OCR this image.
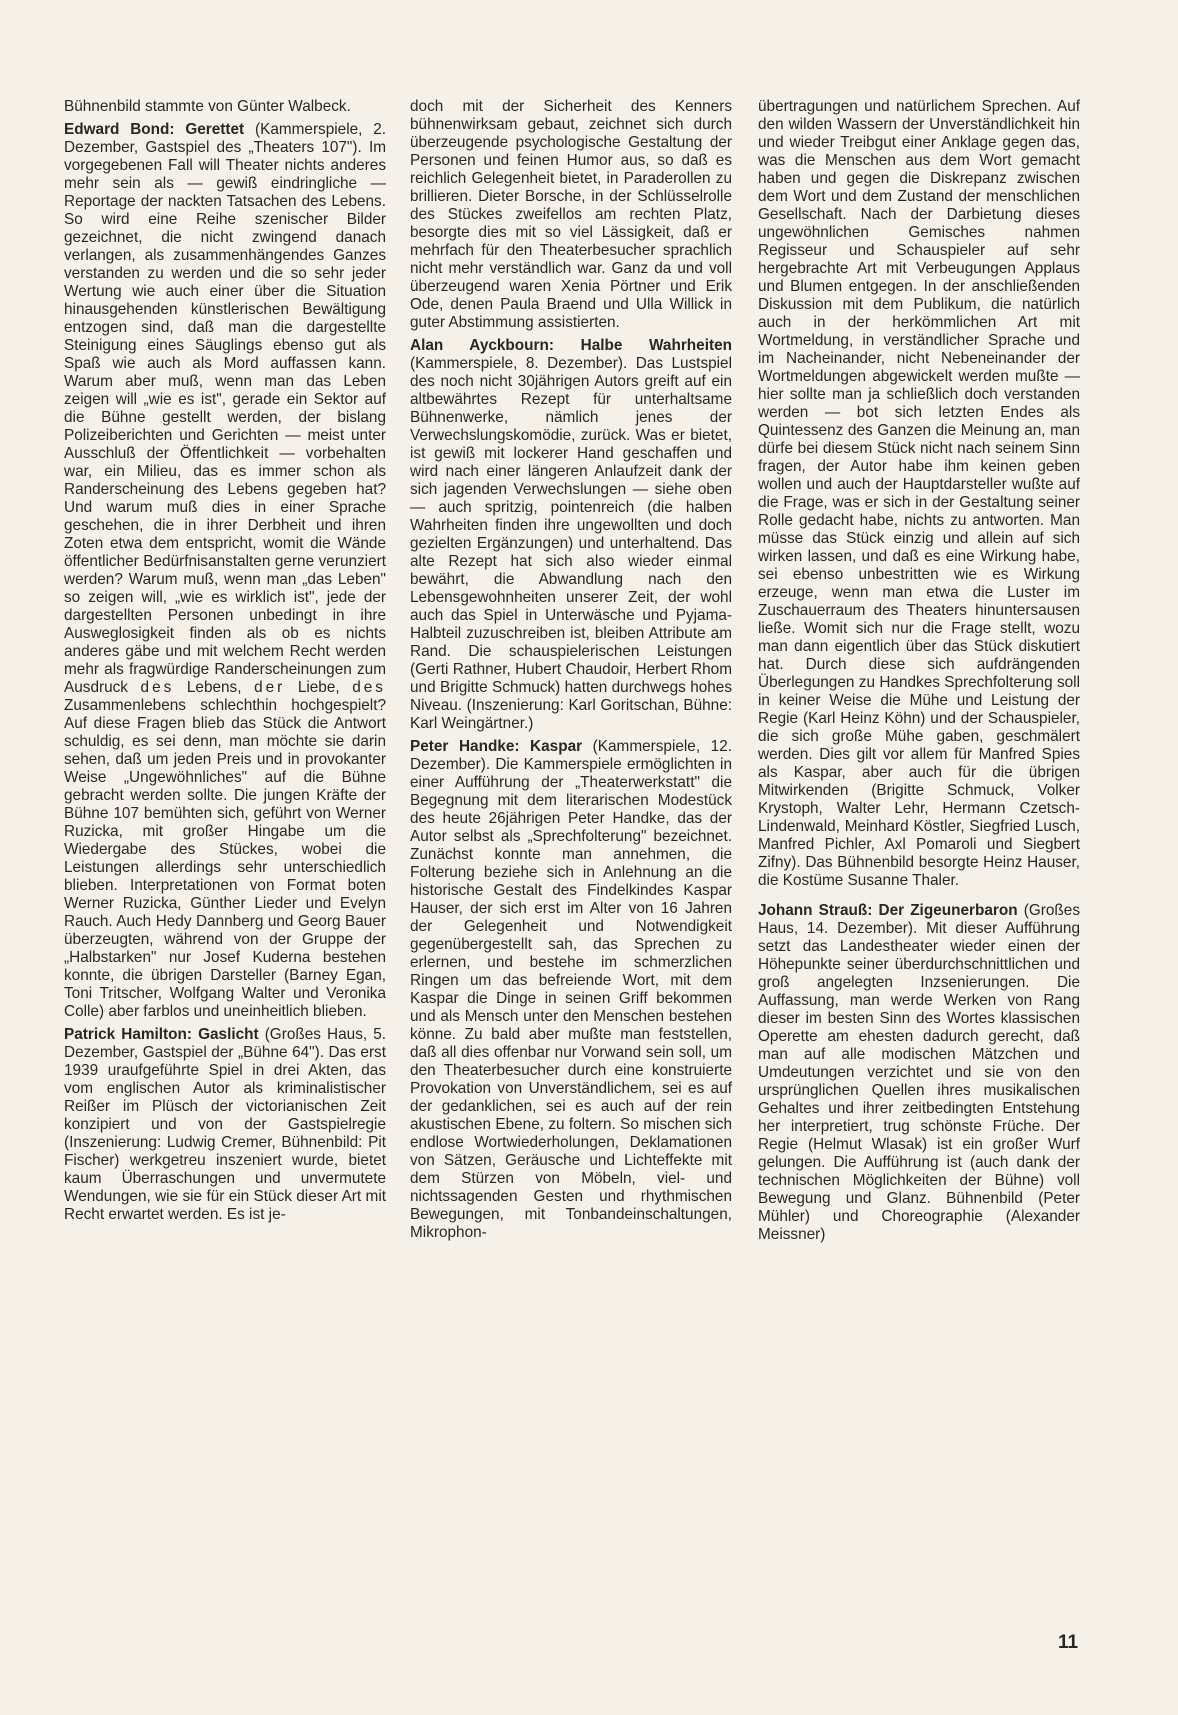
Bühnenbild stammte von Günter Walbeck.

Edward Bond: Gerettet (Kammerspiele, 2. Dezember, Gastspiel des „Theaters 107"). Im vorgegebenen Fall will Theater nichts anderes mehr sein als — gewiß eindringliche — Reportage der nackten Tatsachen des Lebens. So wird eine Reihe szenischer Bilder gezeichnet, die nicht zwingend danach verlangen, als zusammenhängendes Ganzes verstanden zu werden und die so sehr jeder Wertung wie auch einer über die Situation hinausgehenden künstlerischen Bewältigung entzogen sind, daß man die dargestellte Steinigung eines Säuglings ebenso gut als Spaß wie auch als Mord auffassen kann. Warum aber muß, wenn man das Leben zeigen will „wie es ist", gerade ein Sektor auf die Bühne gestellt werden, der bislang Polizeiberichten und Gerichten — meist unter Ausschluß der Öffentlichkeit — vorbehalten war, ein Milieu, das es immer schon als Randerscheinung des Lebens gegeben hat? Und warum muß dies in einer Sprache geschehen, die in ihrer Derbheit und ihren Zoten etwa dem entspricht, womit die Wände öffentlicher Bedürfnisanstalten gerne verunziert werden? Warum muß, wenn man „das Leben" so zeigen will, „wie es wirklich ist", jede der dargestellten Personen unbedingt in ihre Ausweglosigkeit finden als ob es nichts anderes gäbe und mit welchem Recht werden mehr als fragwürdige Randerscheinungen zum Ausdruck des Lebens, der Liebe, des Zusammenlebens schlechthin hochgespielt? Auf diese Fragen blieb das Stück die Antwort schuldig, es sei denn, man möchte sie darin sehen, daß um jeden Preis und in provokanter Weise „Ungewöhnliches" auf die Bühne gebracht werden sollte. Die jungen Kräfte der Bühne 107 bemühten sich, geführt von Werner Ruzicka, mit großer Hingabe um die Wiedergabe des Stückes, wobei die Leistungen allerdings sehr unterschiedlich blieben. Interpretationen von Format boten Werner Ruzicka, Günther Lieder und Evelyn Rauch. Auch Hedy Dannberg und Georg Bauer überzeugten, während von der Gruppe der „Halbstarken" nur Josef Kuderna bestehen konnte, die übrigen Darsteller (Barney Egan, Toni Tritscher, Wolfgang Walter und Veronika Colle) aber farblos und uneinheitlich blieben.

Patrick Hamilton: Gaslicht (Großes Haus, 5. Dezember, Gastspiel der „Bühne 64"). Das erst 1939 uraufgeführte Spiel in drei Akten, das vom englischen Autor als kriminalistischer Reißer im Plüsch der victorianischen Zeit konzipiert und von der Gastspielregie (Inszenierung: Ludwig Cremer, Bühnenbild: Pit Fischer) werkgetreu inszeniert wurde, bietet kaum Überraschungen und unvermutete Wendungen, wie sie für ein Stück dieser Art mit Recht erwartet werden. Es ist je-

doch mit der Sicherheit des Kenners bühnenwirksam gebaut, zeichnet sich durch überzeugende psychologische Gestaltung der Personen und feinen Humor aus, so daß es reichlich Gelegenheit bietet, in Paraderollen zu brillieren. Dieter Borsche, in der Schlüsselrolle des Stückes zweifellos am rechten Platz, besorgte dies mit so viel Lässigkeit, daß er mehrfach für den Theaterbesucher sprachlich nicht mehr verständlich war. Ganz da und voll überzeugend waren Xenia Pörtner und Erik Ode, denen Paula Braend und Ulla Willick in guter Abstimmung assistierten.

Alan Ayckbourn: Halbe Wahrheiten (Kammerspiele, 8. Dezember). Das Lustspiel des noch nicht 30jährigen Autors greift auf ein altbewährtes Rezept für unterhaltsame Bühnenwerke, nämlich jenes der Verwechslungskomödie, zurück. Was er bietet, ist gewiß mit lockerer Hand geschaffen und wird nach einer längeren Anlaufzeit dank der sich jagenden Verwechslungen — siehe oben — auch spritzig, pointenreich (die halben Wahrheiten finden ihre ungewollten und doch gezielten Ergänzungen) und unterhaltend. Das alte Rezept hat sich also wieder einmal bewährt, die Abwandlung nach den Lebensgewohnheiten unserer Zeit, der wohl auch das Spiel in Unterwäsche und Pyjama-Halbteil zuzuschreiben ist, bleiben Attribute am Rand. Die schauspielerischen Leistungen (Gerti Rathner, Hubert Chaudoir, Herbert Rhom und Brigitte Schmuck) hatten durchwegs hohes Niveau. (Inszenierung: Karl Goritschan, Bühne: Karl Weingärtner.)

Peter Handke: Kaspar (Kammerspiele, 12. Dezember). Die Kammerspiele ermöglichten in einer Aufführung der „Theaterwerkstatt" die Begegnung mit dem literarischen Modestück des heute 26jährigen Peter Handke, das der Autor selbst als „Sprechfolterung" bezeichnet. Zunächst konnte man annehmen, die Folterung beziehe sich in Anlehnung an die historische Gestalt des Findelkindes Kaspar Hauser, der sich erst im Alter von 16 Jahren der Gelegenheit und Notwendigkeit gegenübergestellt sah, das Sprechen zu erlernen, und bestehe im schmerzlichen Ringen um das befreiende Wort, mit dem Kaspar die Dinge in seinen Griff bekommen und als Mensch unter den Menschen bestehen könne. Zu bald aber mußte man feststellen, daß all dies offenbar nur Vorwand sein soll, um den Theaterbesucher durch eine konstruierte Provokation von Unverständlichem, sei es auf der gedanklichen, sei es auch auf der rein akustischen Ebene, zu foltern. So mischen sich endlose Wortwiederholungen, Deklamationen von Sätzen, Geräusche und Lichteffekte mit dem Stürzen von Möbeln, viel- und nichtssagenden Gesten und rhythmischen Bewegungen, mit Tonbandeinschaltungen, Mikrophon-

übertragungen und natürlichem Sprechen. Auf den wilden Wassern der Unverständlichkeit hin und wieder Treibgut einer Anklage gegen das, was die Menschen aus dem Wort gemacht haben und gegen die Diskrepanz zwischen dem Wort und dem Zustand der menschlichen Gesellschaft. Nach der Darbietung dieses ungewöhnlichen Gemisches nahmen Regisseur und Schauspieler auf sehr hergebrachte Art mit Verbeugungen Applaus und Blumen entgegen. In der anschließenden Diskussion mit dem Publikum, die natürlich auch in der herkömmlichen Art mit Wortmeldung, in verständlicher Sprache und im Nacheinander, nicht Nebeneinander der Wortmeldungen abgewickelt werden mußte — hier sollte man ja schließlich doch verstanden werden — bot sich letzten Endes als Quintessenz des Ganzen die Meinung an, man dürfe bei diesem Stück nicht nach seinem Sinn fragen, der Autor habe ihm keinen geben wollen und auch der Hauptdarsteller wußte auf die Frage, was er sich in der Gestaltung seiner Rolle gedacht habe, nichts zu antworten. Man müsse das Stück einzig und allein auf sich wirken lassen, und daß es eine Wirkung habe, sei ebenso unbestritten wie es Wirkung erzeuge, wenn man etwa die Luster im Zuschauerraum des Theaters hinuntersausen ließe. Womit sich nur die Frage stellt, wozu man dann eigentlich über das Stück diskutiert hat. Durch diese sich aufdrängenden Überlegungen zu Handkes Sprechfolterung soll in keiner Weise die Mühe und Leistung der Regie (Karl Heinz Köhn) und der Schauspieler, die sich große Mühe gaben, geschmälert werden. Dies gilt vor allem für Manfred Spies als Kaspar, aber auch für die übrigen Mitwirkenden (Brigitte Schmuck, Volker Krystoph, Walter Lehr, Hermann Czetsch-Lindenwald, Meinhard Köstler, Siegfried Lusch, Manfred Pichler, Axl Pomaroli und Siegbert Zifny). Das Bühnenbild besorgte Heinz Hauser, die Kostüme Susanne Thaler.

Johann Strauß: Der Zigeunerbaron (Großes Haus, 14. Dezember). Mit dieser Aufführung setzt das Landestheater wieder einen der Höhepunkte seiner überdurchschnittlichen und groß angelegten Inzsenierungen. Die Auffassung, man werde Werken von Rang dieser im besten Sinn des Wortes klassischen Operette am ehesten dadurch gerecht, daß man auf alle modischen Mätzchen und Umdeutungen verzichtet und sie von den ursprünglichen Quellen ihres musikalischen Gehaltes und ihrer zeitbedingten Entstehung her interpretiert, trug schönste Früche. Der Regie (Helmut Wlasak) ist ein großer Wurf gelungen. Die Aufführung ist (auch dank der technischen Möglichkeiten der Bühne) voll Bewegung und Glanz. Bühnenbild (Peter Mühler) und Choreographie (Alexander Meissner)

11
